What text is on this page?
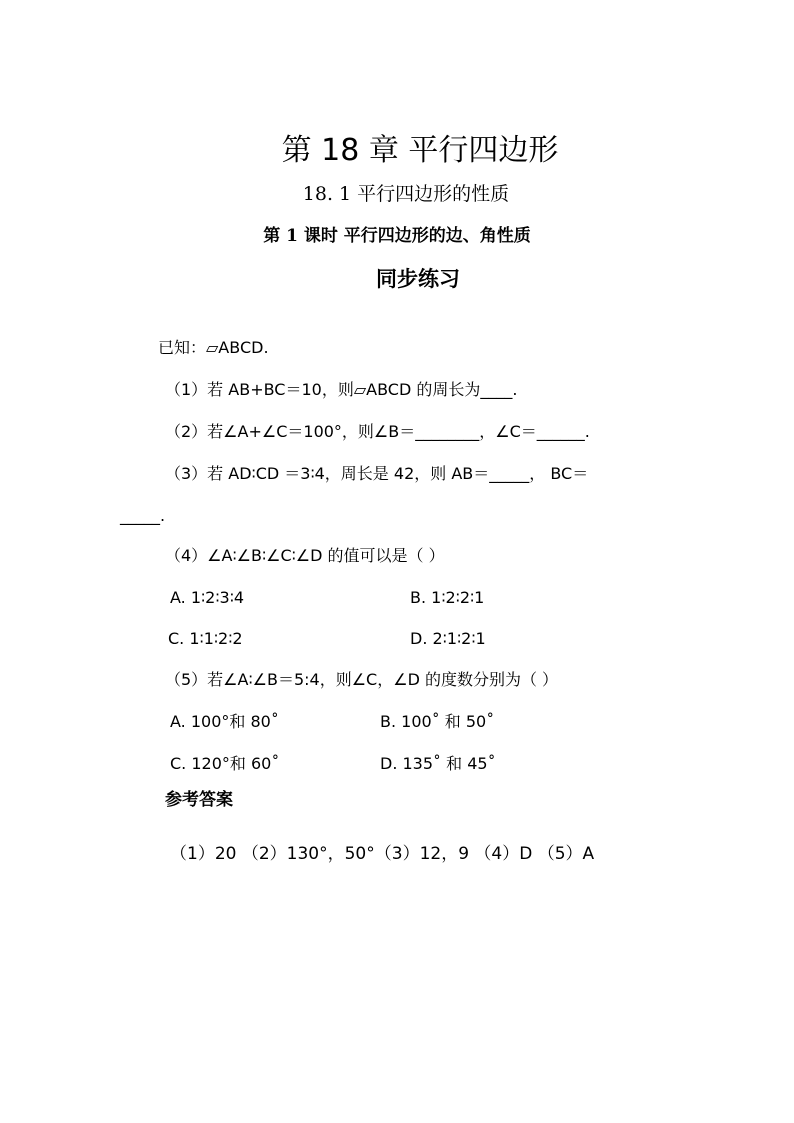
第 18 章 平行四边形
18. 1 平行四边形的性质
第 1 课时 平行四边形的边、角性质
同步练习
已知：▱ABCD.
（1）若 AB+BC＝10，则▱ABCD 的周长为____.
（2）若∠A+∠C＝100°，则∠B＝________，∠C＝______.
（3）若 AD∶CD ＝3∶4，周长是 42，则 AB＝_____， BC＝
_____.
（4）∠A∶∠B∶∠C∶∠D 的值可以是（ ）
A. 1∶2∶3∶4	B. 1∶2∶2∶1
C. 1∶1∶2∶2	D. 2∶1∶2∶1
（5）若∠A∶∠B＝5:4，则∠C，∠D 的度数分别为（ ）
A. 100°和 80˚	B. 100˚ 和 50˚
C. 120°和 60˚	D. 135˚ 和 45˚
参考答案
（1）20 （2）130°，50°（3）12，9 （4）D （5）A
